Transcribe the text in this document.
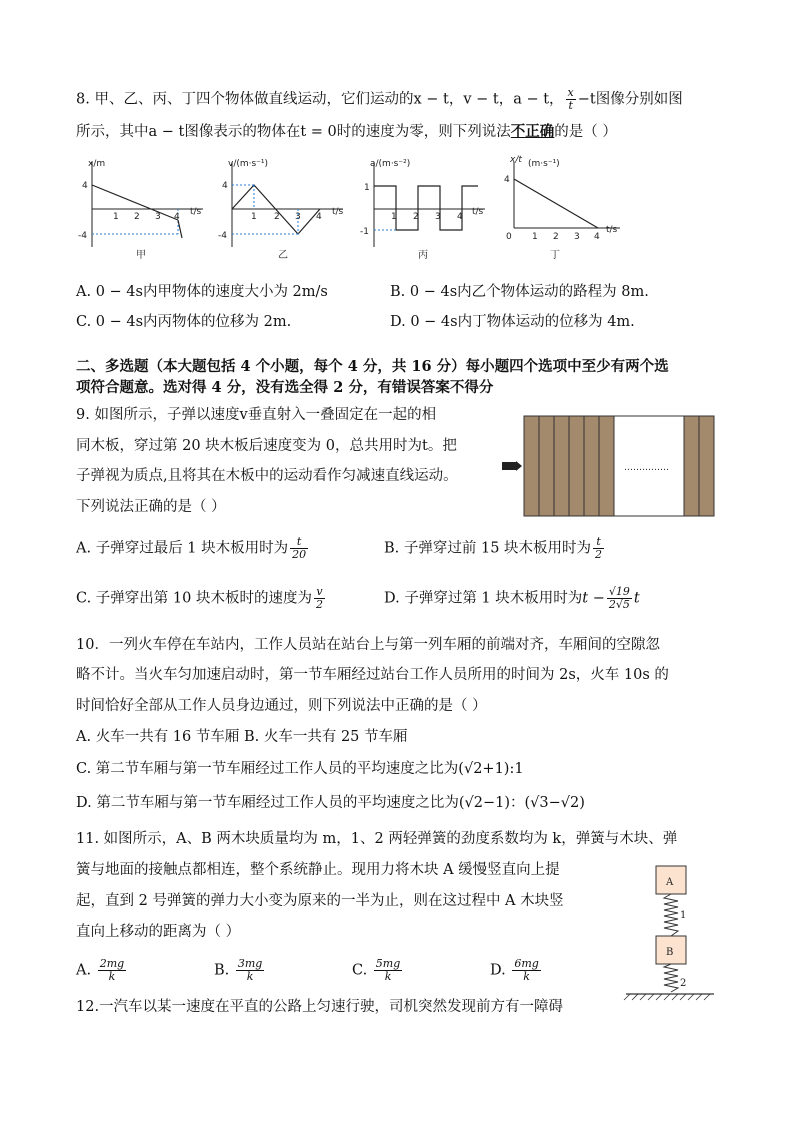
8. 甲、乙、丙、丁四个物体做直线运动，它们运动的x − t，v − t，a − t， $\frac{x}{t} -t$图像分别如图
所示，其中a − t图像表示的物体在t = 0时的速度为零，则下列说法不正确的是（ ）
x/m
4
-4
1 2 3 4 t/s
甲
v/(m·s⁻¹)
4
-4
1 2 3 4 t/s
乙
a/(m·s⁻²)
1
-1
1 2 3 4 t/s
丙
x/t (m·s⁻¹)
4
0 1 2 3 4
t/s
丁
A. 0 − 4s内甲物体的速度大小为 2m/s	B. 0 − 4s内乙个物体运动的路程为 8m.
C. 0 − 4s内丙物体的位移为 2m.	D. 0 − 4s内丁物体运动的位移为 4m.
二、多选题（本大题包括 4 个小题，每个 4 分，共 16 分）每小题四个选项中至少有两个选
项符合题意。选对得 4 分，没有选全得 2 分，有错误答案不得分
9. 如图所示，子弹以速度v垂直射入一叠固定在一起的相
同木板，穿过第 20 块木板后速度变为 0，总共用时为t。把
子弹视为质点,且将其在木板中的运动看作匀减速直线运动。
下列说法正确的是（ ）
……………
A. 子弹穿过最后 1 块木板用时为 $\frac{t}{20}$	B. 子弹穿过前 15 块木板用时为 $\frac{t}{2}$
C. 子弹穿出第 10 块木板时的速度为 $\frac{v}{2}$	D. 子弹穿过第 1 块木板用时为$t - \frac{√19}{2√5}$ t
10．一列火车停在车站内，工作人员站在站台上与第一列车厢的前端对齐，车厢间的空隙忽
略不计。当火车匀加速启动时，第一节车厢经过站台工作人员所用的时间为 2s，火车 10s 的
时间恰好全部从工作人员身边通过，则下列说法中正确的是（ ）
A. 火车一共有 16 节车厢 B. 火车一共有 25 节车厢
C. 第二节车厢与第一节车厢经过工作人员的平均速度之比为(√2+1):1
D. 第二节车厢与第一节车厢经过工作人员的平均速度之比为(√2−1)：(√3−√2)
11. 如图所示，A、B 两木块质量均为 m，1、2 两轻弹簧的劲度系数均为 k，弹簧与木块、弹
簧与地面的接触点都相连，整个系统静止。现用力将木块 A 缓慢竖直向上提
起，直到 2 号弹簧的弹力大小变为原来的一半为止，则在这过程中 A 木块竖
直向上移动的距离为（ ）
A. $\frac{2mg}{k}$	B. $\frac{3mg}{k}$	C. $\frac{5mg}{k}$	D. $\frac{6mg}{k}$
A
1
B
2
12.一汽车以某一速度在平直的公路上匀速行驶，司机突然发现前方有一障碍
